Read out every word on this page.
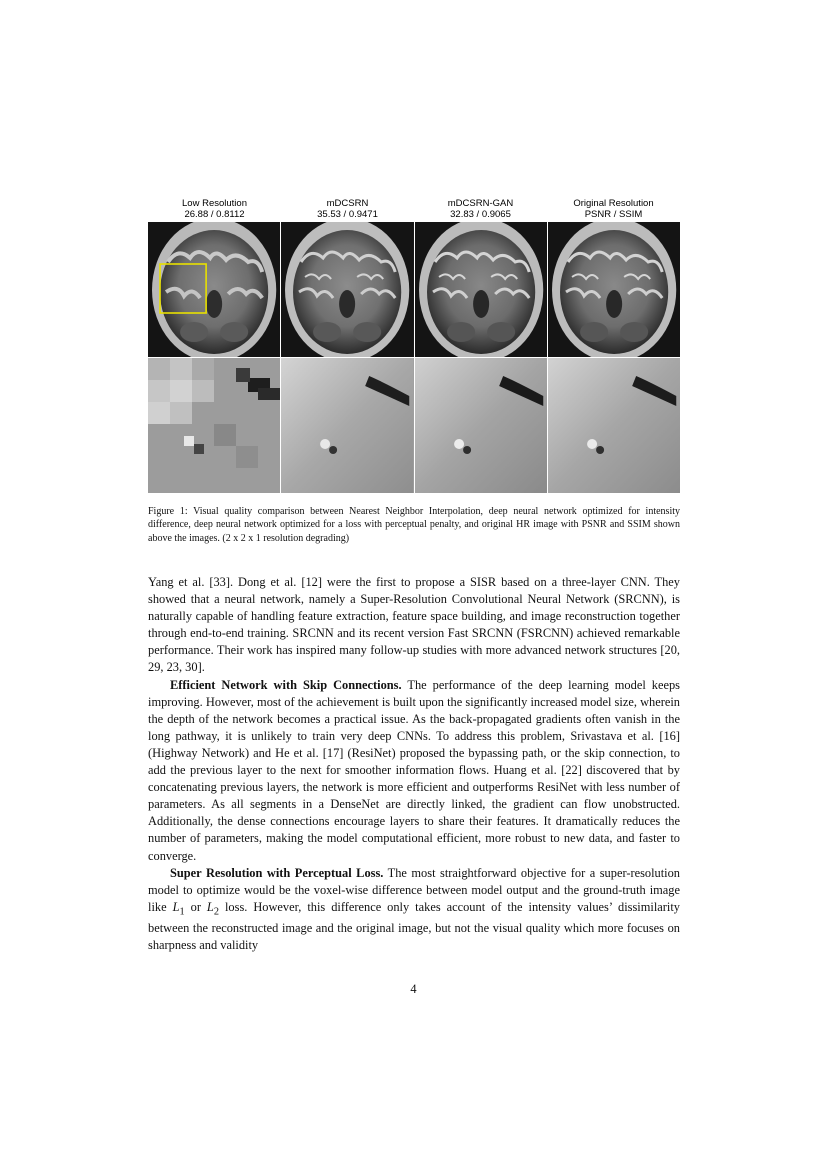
Low Resolution
26.88 / 0.8112
mDCSRN
35.53 / 0.9471
mDCSRN-GAN
32.83 / 0.9065
Original Resolution
PSNR / SSIM
Figure 1: Visual quality comparison between Nearest Neighbor Interpolation, deep neural network optimized for intensity difference, deep neural network optimized for a loss with perceptual penalty, and original HR image with PSNR and SSIM shown above the images. (2 x 2 x 1 resolution degrading)

Yang et al. [33]. Dong et al. [12] were the first to propose a SISR based on a three-layer CNN. They showed that a neural network, namely a Super-Resolution Convolutional Neural Network (SRCNN), is naturally capable of handling feature extraction, feature space building, and image reconstruction together through end-to-end training. SRCNN and its recent version Fast SRCNN (FSRCNN) achieved remarkable performance. Their work has inspired many follow-up studies with more advanced network structures [20, 29, 23, 30].

Efficient Network with Skip Connections. The performance of the deep learning model keeps improving. However, most of the achievement is built upon the significantly increased model size, wherein the depth of the network becomes a practical issue. As the back-propagated gradients often vanish in the long pathway, it is unlikely to train very deep CNNs. To address this problem, Srivastava et al. [16] (Highway Network) and He et al. [17] (ResiNet) proposed the bypassing path, or the skip connection, to add the previous layer to the next for smoother information flows. Huang et al. [22] discovered that by concatenating previous layers, the network is more efficient and outperforms ResiNet with less number of parameters. As all segments in a DenseNet are directly linked, the gradient can flow unobstructed. Additionally, the dense connections encourage layers to share their features. It dramatically reduces the number of parameters, making the model computational efficient, more robust to new data, and faster to converge.

Super Resolution with Perceptual Loss. The most straightforward objective for a super-resolution model to optimize would be the voxel-wise difference between model output and the ground-truth image like $L_1$ or $L_2$ loss. However, this difference only takes account of the intensity values’ dissimilarity between the reconstructed image and the original image, but not the visual quality which more focuses on sharpness and validity

4
